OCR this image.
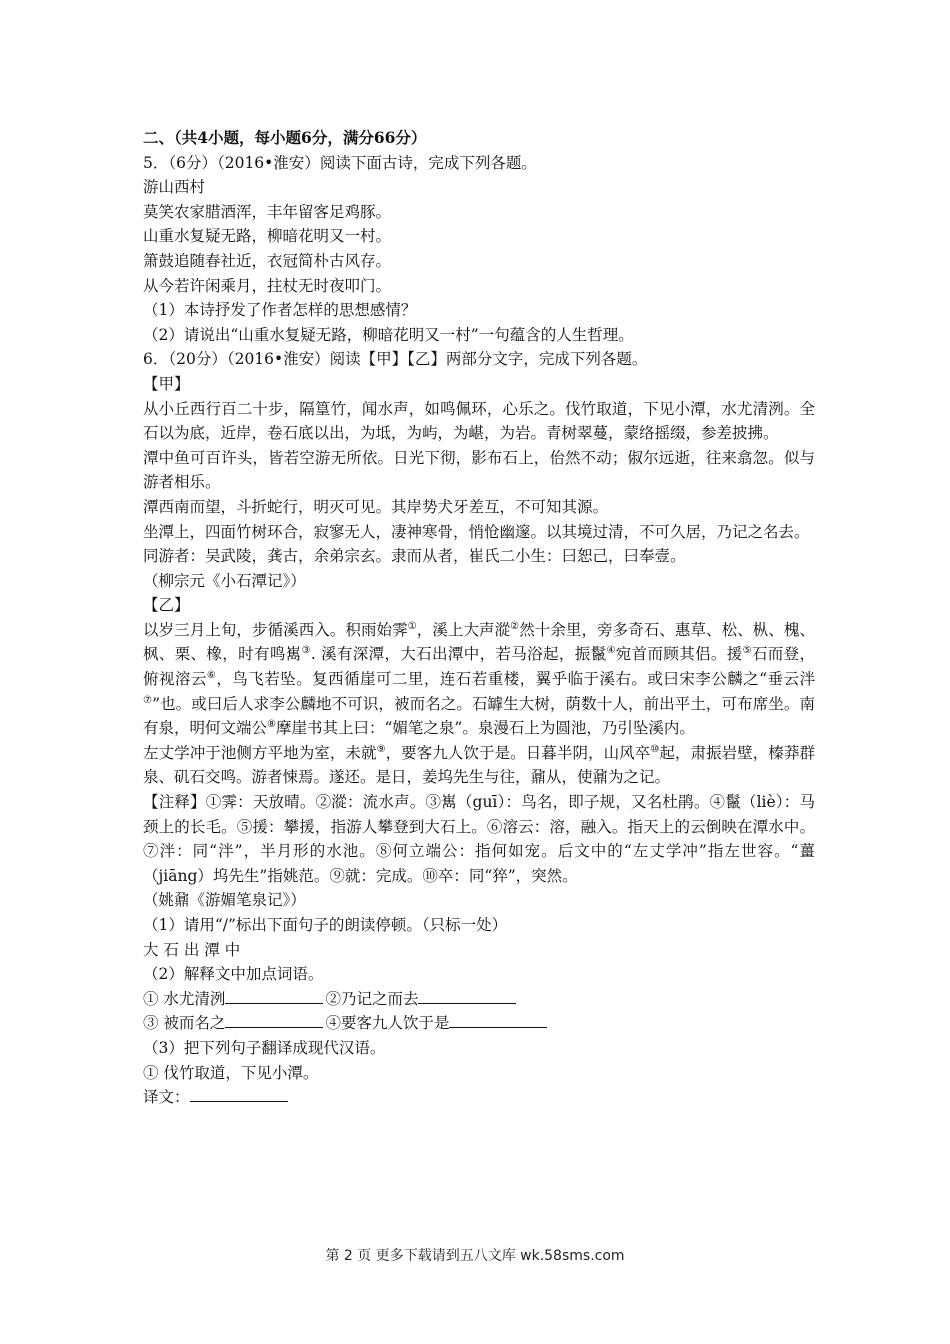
二、（共4小题，每小题6分，满分66分）
5．（6分）（2016•淮安）阅读下面古诗，完成下列各题。
游山西村
莫笑农家腊酒浑，丰年留客足鸡豚。
山重水复疑无路，柳暗花明又一村。
箫鼓追随春社近，衣冠简朴古风存。
从今若许闲乘月，拄杖无时夜叩门。
（1）本诗抒发了作者怎样的思想感情？
（2）请说出“山重水复疑无路，柳暗花明又一村”一句蕴含的人生哲理。
6．（20分）（2016•淮安）阅读【甲】【乙】两部分文字，完成下列各题。
【甲】
从小丘西行百二十步，隔篁竹，闻水声，如鸣佩环，心乐之。伐竹取道，下见小潭，水尤清洌。全石以为底，近岸，卷石底以出，为坻，为屿，为嵁，为岩。青树翠蔓，蒙络摇缀，参差披拂。
潭中鱼可百许头，皆若空游无所依。日光下彻，影布石上，佁然不动；俶尔远逝，往来翕忽。似与游者相乐。
潭西南而望，斗折蛇行，明灭可见。其岸势犬牙差互，不可知其源。
坐潭上，四面竹树环合，寂寥无人，凄神寒骨，悄怆幽邃。以其境过清，不可久居，乃记之名去。
同游者：吴武陵，龚古，余弟宗玄。隶而从者，崔氏二小生：曰恕己，曰奉壹。
（柳宗元《小石潭记》）
【乙】
以岁三月上旬，步循溪西入。积雨始霁①，溪上大声漎②然十余里，旁多奇石、惠草、松、枞、槐、枫、栗、橡，时有鸣嶲③. 溪有深潭，大石出潭中，若马浴起，振鬣④宛首而顾其侣。援⑤石而登，俯视溶云⑥，鸟飞若坠。复西循崖可二里，连石若重楼，翼乎临于溪右。或曰宋李公麟之“垂云泮⑦”也。或曰后人求李公麟地不可识，被而名之。石罅生大树，荫数十人，前出平土，可布席坐。南有泉，明何文端公⑧摩崖书其上曰：“媚笔之泉”。泉漫石上为圆池，乃引坠溪内。
左丈学冲于池侧方平地为室，未就⑨，要客九人饮于是。日暮半阴，山风卒⑩起，肃振岩壁，榛莽群泉、矶石交鸣。游者悚焉。遂还。是日，姜坞先生与往，鼐从，使鼐为之记。
【注释】①霁：天放晴。②漎：流水声。③嶲（guī）：鸟名，即子规，又名杜鹃。④鬣（liè）：马颈上的长毛。⑤援：攀援，指游人攀登到大石上。⑥溶云：溶，融入。指天上的云倒映在潭水中。⑦泮：同“泮”，半月形的水池。⑧何立端公：指何如宠。后文中的“左丈学冲”指左世容。“薑（jiāng）坞先生”指姚范。⑨就：完成。⑩卒：同“猝”，突然。
（姚鼐《游媚笔泉记》）
（1）请用“/”标出下面句子的朗读停顿。（只标一处）
大 石 出 潭 中
（2）解释文中加点词语。
① 水尤清洌	②乃记之而去
③ 被而名之	④要客九人饮于是
（3）把下列句子翻译成现代汉语。
① 伐竹取道，下见小潭。
译文：
第 2 页 更多下载请到五八文库 wk.58sms.com
